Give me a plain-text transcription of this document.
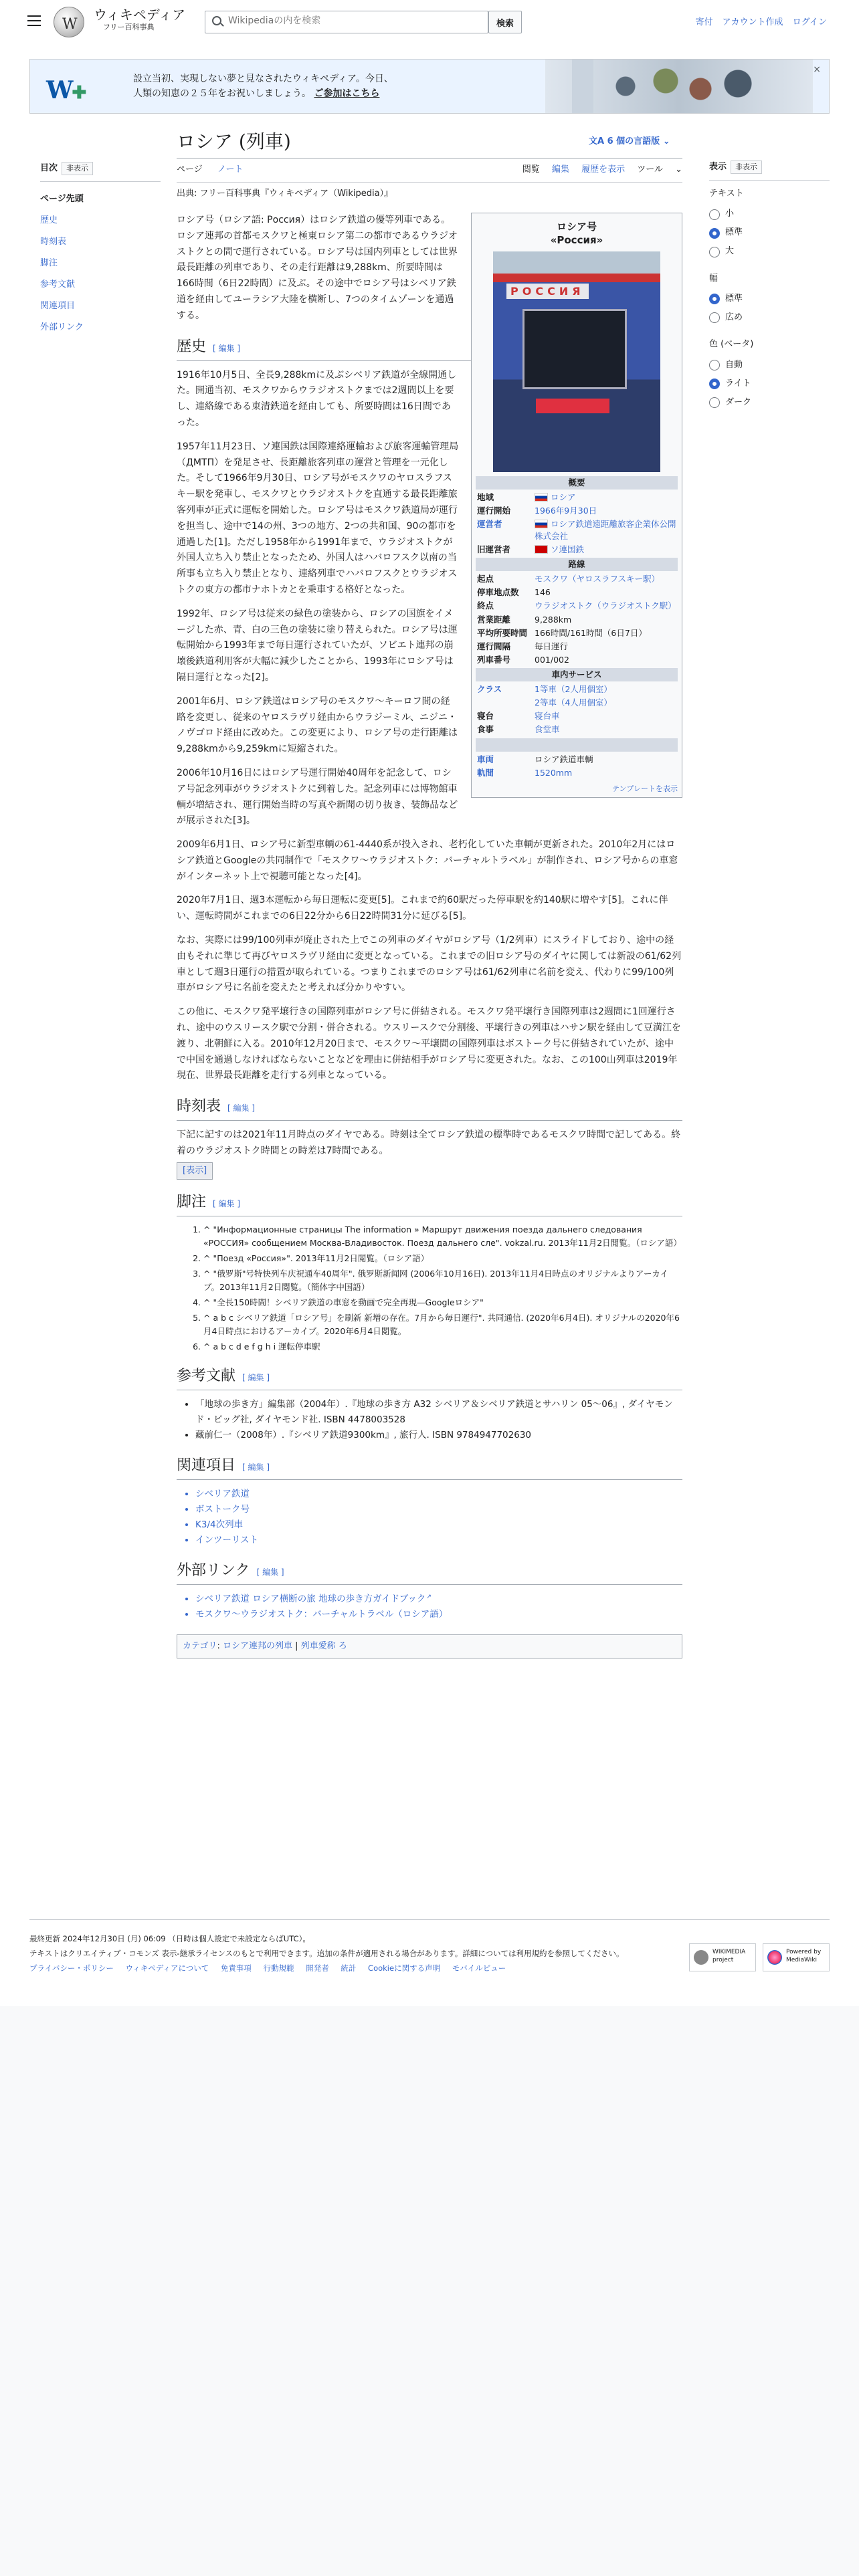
W
ウィキペディア
フリー百科事典
Wikipediaの内を検索	検索	寄付 アカウント作成 ログイン
W✚
設立当初、実現しない夢と見なされたウィキペディア。今日、
人類の知恵の２５年をお祝いしましょう。 ご参加はこちら
×
ロシア (列車)	文A 6 個の言語版 ⌄
ページ ノート	閲覧 編集 履歴を表示 ツール ⌄
出典: フリー百科事典『ウィキペディア（Wikipedia）』
目次 非表示
ページ先頭
歴史
時刻表
脚注
参考文献
関連項目
外部リンク
表示 非表示
テキスト
小
標準
大
幅
標準
広め
色 (ベータ)
自動
ライト
ダーク
ロシア号
«Россия»
РОССИЯ
概要
地域	ロシア
運行開始	1966年9月30日
運営者	ロシア鉄道遠距離旅客企業体公開株式会社
旧運営者	ソ連国鉄
路線
起点	モスクワ（ヤロスラフスキー駅）
停車地点数	146
終点	ウラジオストク（ウラジオストク駅）
営業距離	9,288km
平均所要時間	166時間/161時間（6日7日）
運行間隔	毎日運行
列車番号	001/002
車内サービス
クラス	1等車（2人用個室）
	2等車（4人用個室）
寝台	寝台車
食事	食堂車

車両	ロシア鉄道車輌
軌間	1520mm
テンプレートを表示

ロシア号（ロシア語: Россия）はロシア鉄道の優等列車である。ロシア連邦の首都モスクワと極東ロシア第二の都市であるウラジオストクとの間で運行されている。ロシア号は国内列車としては世界最長距離の列車であり、その走行距離は9,288km、所要時間は166時間（6日22時間）に及ぶ。その途中でロシア号はシベリア鉄道を経由してユーラシア大陸を横断し、7つのタイムゾーンを通過する。

歴史 [ 編集 ]

1916年10月5日、全長9,288kmに及ぶシベリア鉄道が全線開通した。開通当初、モスクワからウラジオストクまでは2週間以上を要し、連絡線である東清鉄道を経由しても、所要時間は16日間であった。

1957年11月23日、ソ連国鉄は国際連絡運輸および旅客運輸管理局（ДМТП）を発足させ、長距離旅客列車の運営と管理を一元化した。そして1966年9月30日、ロシア号がモスクワのヤロスラフスキー駅を発車し、モスクワとウラジオストクを直通する最長距離旅客列車が正式に運転を開始した。ロシア号はモスクワ鉄道局が運行を担当し、途中で14の州、3つの地方、2つの共和国、90の都市を通過した[1]。ただし1958年から1991年まで、ウラジオストクが外国人立ち入り禁止となったため、外国人はハバロフスク以南の当所事も立ち入り禁止となり、連絡列車でハバロフスクとウラジオストクの東方の都市ナホトカとを乗車する格好となった。

1992年、ロシア号は従来の緑色の塗装から、ロシアの国旗をイメージした赤、青、白の三色の塗装に塗り替えられた。ロシア号は運転開始から1993年まで毎日運行されていたが、ソビエト連邦の崩壊後鉄道利用客が大幅に減少したことから、1993年にロシア号は隔日運行となった[2]。

2001年6月、ロシア鉄道はロシア号のモスクワ〜キーロフ間の経路を変更し、従来のヤロスラヴリ経由からウラジーミル、ニジニ・ノヴゴロド経由に改めた。この変更により、ロシア号の走行距離は9,288kmから9,259kmに短縮された。

2006年10月16日にはロシア号運行開始40周年を記念して、ロシア号記念列車がウラジオストクに到着した。記念列車には博物館車輌が増結され、運行開始当時の写真や新聞の切り抜き、装飾品などが展示された[3]。

2009年6月1日、ロシア号に新型車輌の61-4440系が投入され、老朽化していた車輌が更新された。2010年2月にはロシア鉄道とGoogleの共同制作で「モスクワ〜ウラジオストク：バーチャルトラベル」が制作され、ロシア号からの車窓がインターネット上で視聴可能となった[4]。

2020年7月1日、週3本運転から毎日運転に変更[5]。これまで約60駅だった停車駅を約140駅に増やす[5]。これに伴い、運転時間がこれまでの6日22分から6日22時間31分に延びる[5]。

なお、実際には99/100列車が廃止された上でこの列車のダイヤがロシア号（1/2列車）にスライドしており、途中の経由もそれに準じて再びヤロスラヴリ経由に変更となっている。これまでの旧ロシア号のダイヤに関しては新設の61/62列車として週3日運行の措置が取られている。つまりこれまでのロシア号は61/62列車に名前を変え、代わりに99/100列車がロシア号に名前を変えたと考えれば分かりやすい。

この他に、モスクワ発平壌行きの国際列車がロシア号に併結される。モスクワ発平壌行き国際列車は2週間に1回運行され、途中のウスリースク駅で分割・併合される。ウスリースクで分割後、平壌行きの列車はハサン駅を経由して豆満江を渡り、北朝鮮に入る。2010年12月20日まで、モスクワ〜平壌間の国際列車はボストーク号に併結されていたが、途中で中国を通過しなければならないことなどを理由に併結相手がロシア号に変更された。なお、この100山列車は2019年現在、世界最長距離を走行する列車となっている。

時刻表 [ 編集 ]

下記に記すのは2021年11月時点のダイヤである。時刻は全てロシア鉄道の標準時であるモスクワ時間で記してある。終着のウラジオストク時間との時差は7時間である。
[表示]

脚注 [ 編集 ]
1. ^ "Информационные страницы The information » Маршрут движения поезда дальнего следования «РОССИЯ» сообщением Москва-Владивосток. Поезд дальнего сле". vokzal.ru. 2013年11月2日閲覧。（ロシア語）
2. ^ "Поезд «Россия»". 2013年11月2日閲覧。（ロシア語）
3. ^ "俄罗斯"号特快列车庆祝通车40周年". 俄罗斯新闻网 (2006年10月16日). 2013年11月4日時点のオリジナルよりアーカイブ。2013年11月2日閲覧。（簡体字中国語）
4. ^ "全長150時間！シベリア鉄道の車窓を動画で完全再現—Googleロシア"
5. ^ a b c シベリア鉄道「ロシア号」を刷新 新増の存在。7月から毎日運行". 共同通信. (2020年6月4日). オリジナルの2020年6月4日時点におけるアーカイブ。2020年6月4日閲覧。
6. ^ a b c d e f g h i 運転停車駅
参考文献 [ 編集 ]
• 「地球の歩き方」編集部（2004年）.『地球の歩き方 A32 シベリア＆シベリア鉄道とサハリン 05〜06』, ダイヤモンド・ビッグ社, ダイヤモンド社. ISBN 4478003528
• 藏前仁一（2008年）.『シベリア鉄道9300km』, 旅行人. ISBN 9784947702630
関連項目 [ 編集 ]
• シベリア鉄道
• ボストーク号
• K3/4次列車
• インツーリスト
外部リンク [ 編集 ]
• シベリア鉄道 ロシア横断の旅 地球の歩き方ガイドブック ↗
• モスクワ〜ウラジオストク：バーチャルトラベル（ロシア語）
カテゴリ: ロシア連邦の列車 | 列車愛称 ろ
最終更新 2024年12月30日 (月) 06:09 （日時は個人設定で未設定ならばUTC）。
テキストはクリエイティブ・コモンズ 表示-継承ライセンスのもとで利用できます。追加の条件が適用される場合があります。詳細については利用規約を参照してください。
プライバシー・ポリシー ウィキペディアについて 免責事項 行動規範 開発者 統計 Cookieに関する声明 モバイルビュー
WIKIMEDIA project
Powered by MediaWiki
